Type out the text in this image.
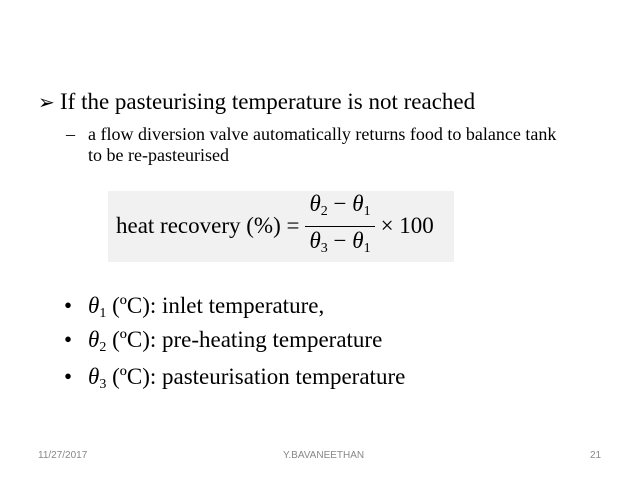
➢ If the pasteurising temperature is not reached
– a flow diversion valve automatically returns food to balance tank to be re-pasteurised
heat recovery (%) = $\frac{\theta_2 - \theta_1}{\theta_3 - \theta_1} \times 100$
• $\theta_1$ (ºC): inlet temperature,
• $\theta_2$ (ºC): pre-heating temperature
• $\theta_3$ (ºC): pasteurisation temperature
11/27/2017	Y.BAVANEETHAN	21
